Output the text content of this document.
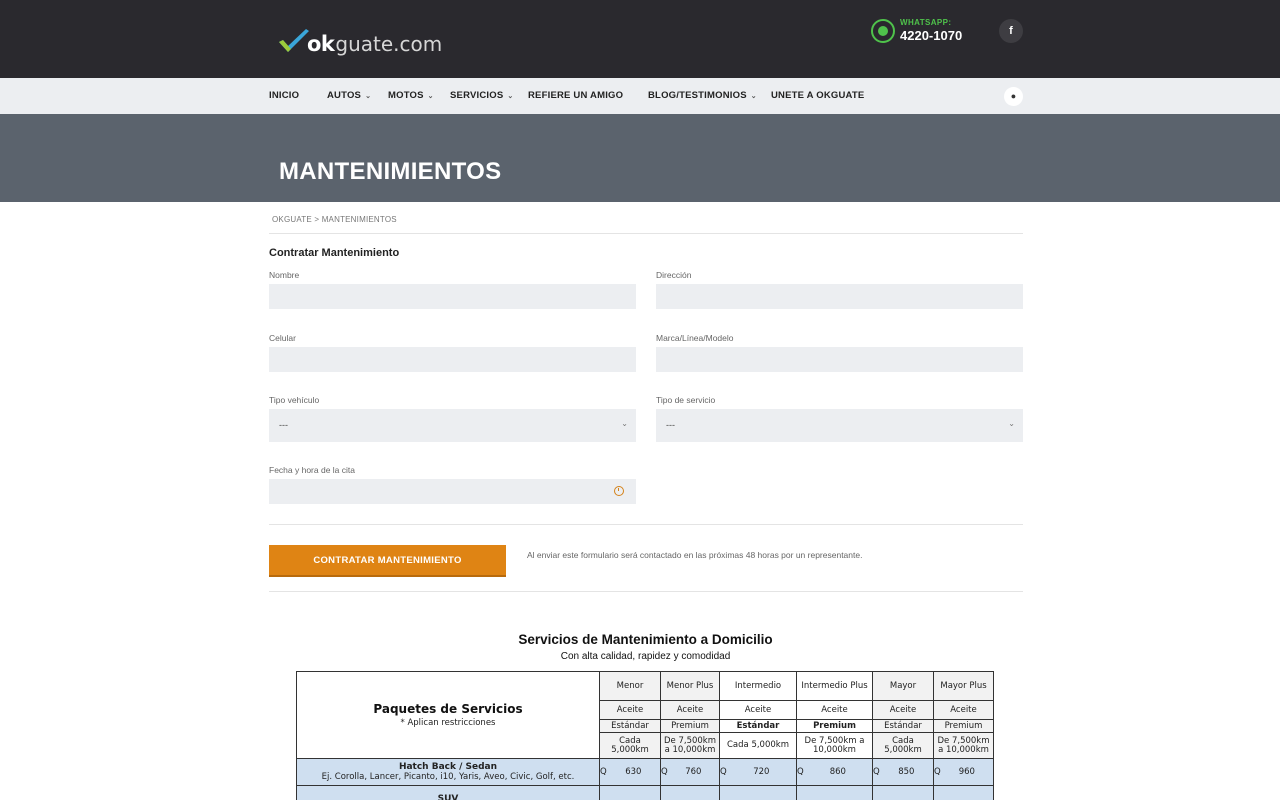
ok guate.com
WHATSAPP:
4220-1070	f
INICIO	AUTOS ⌄ MOTOS ⌄ SERVICIOS ⌄ REFIERE UN AMIGO	BLOG/TESTIMONIOS ⌄ UNETE A OKGUATE	●
MANTENIMIENTOS
OKGUATE > MANTENIMIENTOS
Contratar Mantenimiento
Nombre	Dirección
Celular	Marca/Línea/Modelo
Tipo vehículo
---	⌄
Tipo de servicio
---	⌄
Fecha y hora de la cita
CONTRATAR MANTENIMIENTO	Al enviar este formulario será contactado en las próximas 48 horas por un representante.
Servicios de Mantenimiento a Domicilio
Con alta calidad, rapidez y comodidad
Paquetes de Servicios
* Aplican restricciones	Menor	Menor Plus	Intermedio	Intermedio Plus	Mayor	Mayor Plus
	Aceite	Aceite	Aceite	Aceite	Aceite	Aceite
	Estándar	Premium	Estándar	Premium	Estándar	Premium
	Cada 5,000km	De 7,500km a 10,000km	Cada 5,000km	De 7,500km a 10,000km	Cada 5,000km	De 7,500km a 10,000km

Hatch Back / Sedan
Ej. Corolla, Lancer, Picanto, i10, Yaris, Aveo, Civic, Golf, etc.	Q 630	Q 760	Q 720	Q 860	Q 850	Q 960

SUV						
